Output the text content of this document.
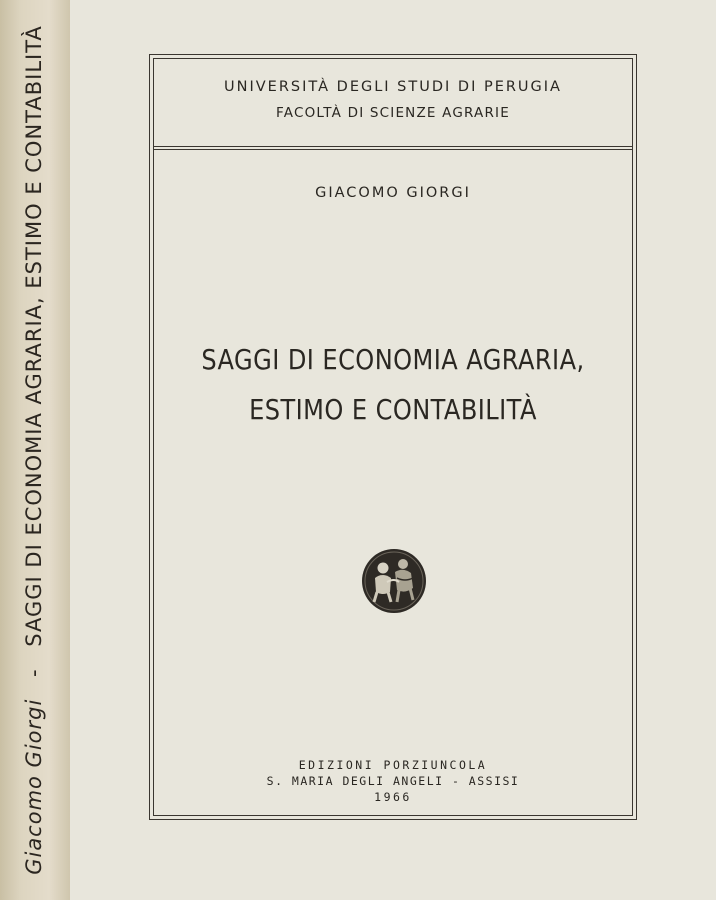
Giacomo Giorgi - SAGGI DI ECONOMIA AGRARIA, ESTIMO E CONTABILITÀ	UNIVERSITÀ DEGLI STUDI DI PERUGIA
FACOLTÀ DI SCIENZE AGRARIE
GIACOMO GIORGI
SAGGI DI ECONOMIA AGRARIA,
ESTIMO E CONTABILITÀ
EDIZIONI PORZIUNCOLA
S. MARIA DEGLI ANGELI - ASSISI
1966
